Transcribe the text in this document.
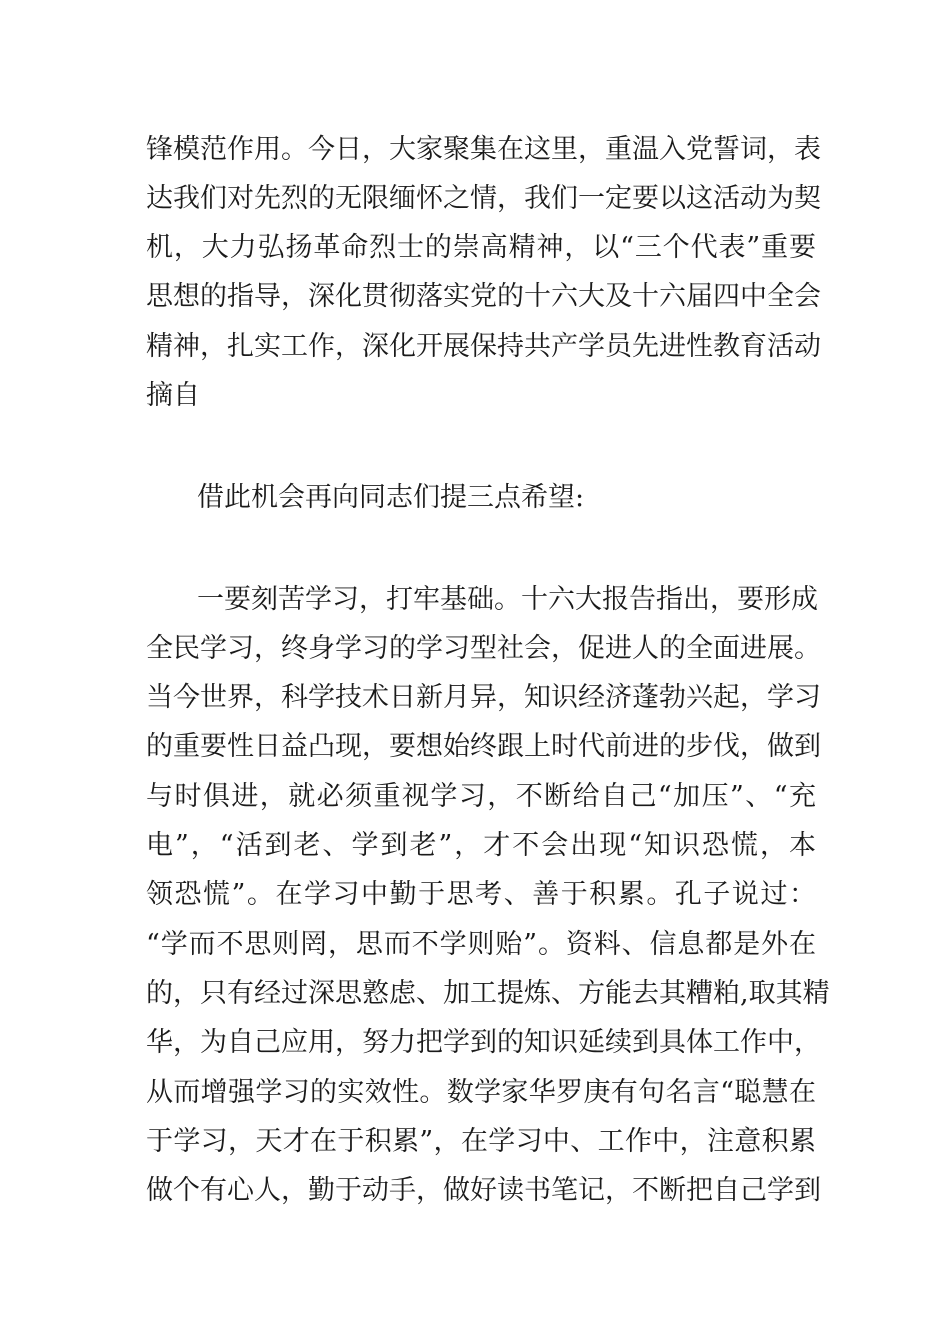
锋模范作用。今日，大家聚集在这里，重温入党誓词，表
达我们对先烈的无限缅怀之情，我们一定要以这活动为契
机，大力弘扬革命烈士的崇高精神，以“三个代表”重要
思想的指导，深化贯彻落实党的十六大及十六届四中全会
精神，扎实工作，深化开展保持共产学员先进性教育活动
摘自
借此机会再向同志们提三点希望:
一要刻苦学习，打牢基础。十六大报告指出，要形成
全民学习，终身学习的学习型社会，促进人的全面进展。
当今世界，科学技术日新月异，知识经济蓬勃兴起，学习
的重要性日益凸现，要想始终跟上时代前进的步伐，做到
与时俱进，就必须重视学习，不断给自己“加压”、“充
电”，“活到老、学到老”，才不会出现“知识恐慌，本
领恐慌”。在学习中勤于思考、善于积累。孔子说过：
“学而不思则罔，思而不学则贻”。资料、信息都是外在
的，只有经过深思憝虑、加工提炼、方能去其糟粕,取其精
华，为自己应用，努力把学到的知识延续到具体工作中，
从而增强学习的实效性。数学家华罗庚有句名言“聪慧在
于学习，天才在于积累”，在学习中、工作中，注意积累
做个有心人，勤于动手，做好读书笔记，不断把自己学到
